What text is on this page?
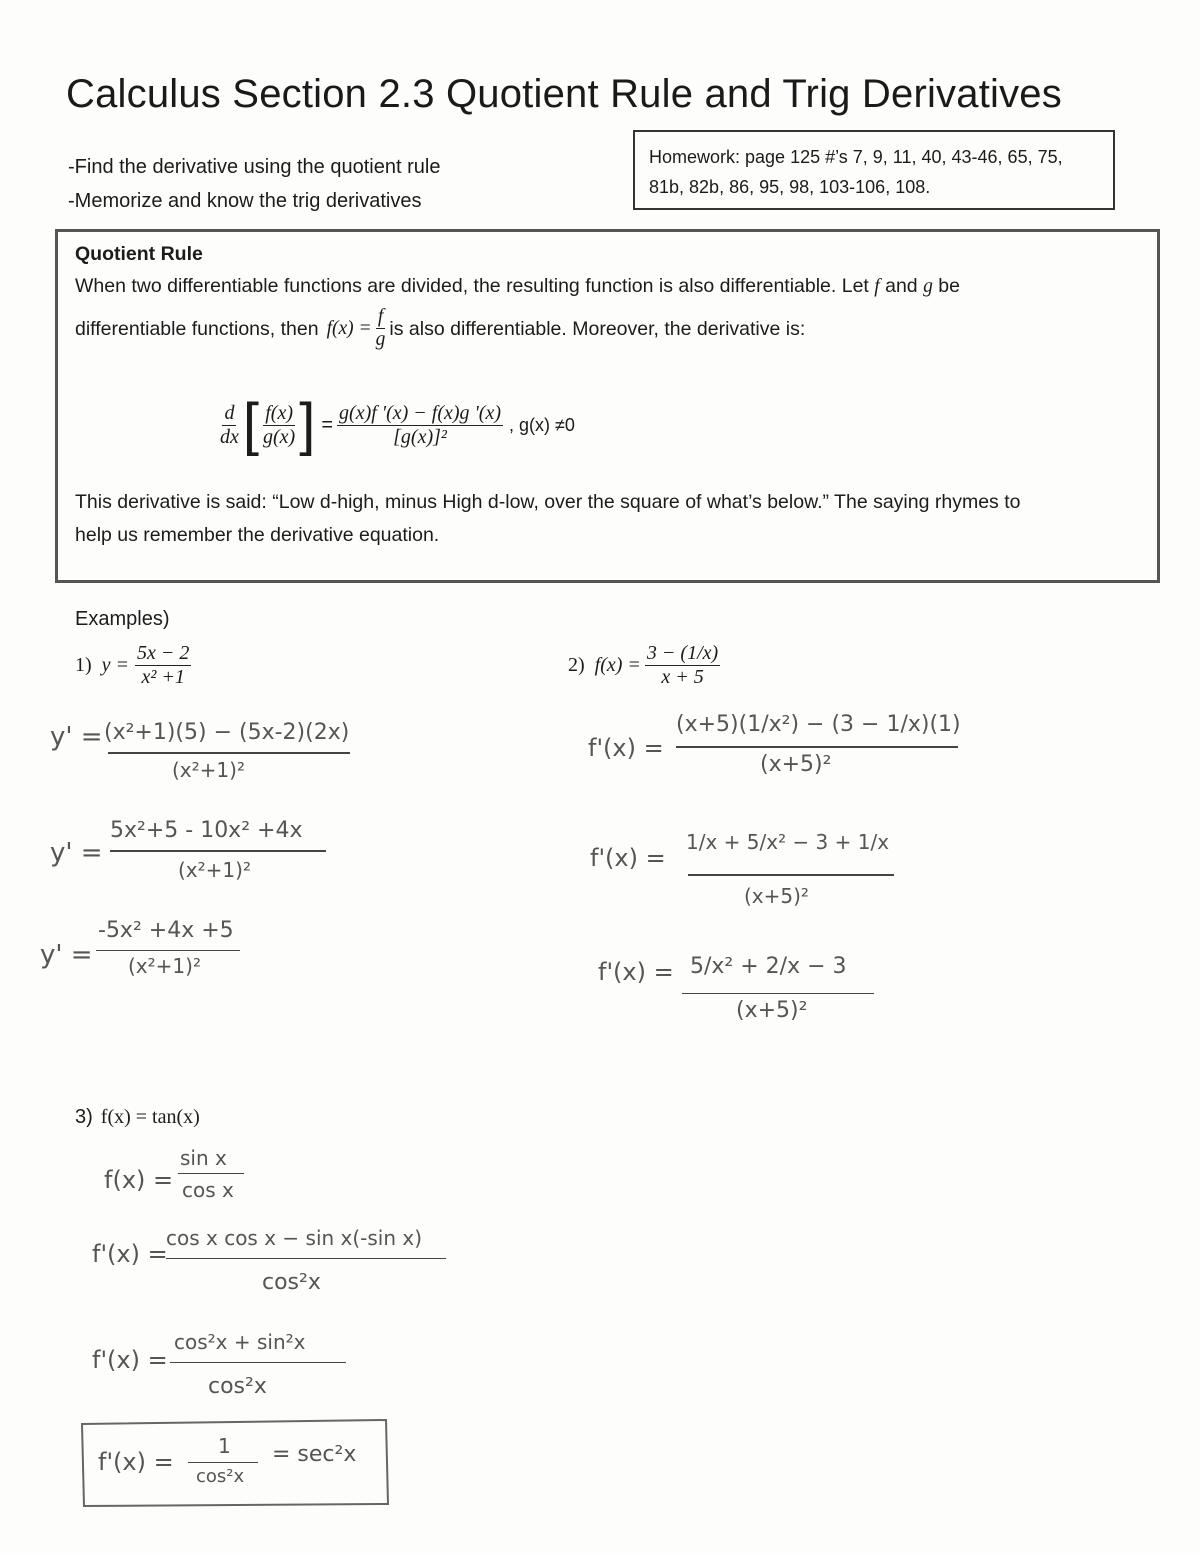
Calculus Section 2.3 Quotient Rule and Trig Derivatives
-Find the derivative using the quotient rule
-Memorize and know the trig derivatives
Homework: page 125 #’s 7, 9, 11, 40, 43-46, 65, 75,
81b, 82b, 86, 95, 98, 103-106, 108.
Quotient Rule
When two differentiable functions are divided, the resulting function is also differentiable. Let f and g be
differentiable functions, then $f(x) = \frac{f}{g}$ is also differentiable. Moreover, the derivative is:
$\frac{d}{dx}$ [ $\frac{f(x)}{g(x)}$ ] = $\frac{g(x)f '(x) - f(x)g '(x)}{\text{[g(x)]²}}$ , g(x) ≠0
This derivative is said: “Low d-high, minus High d-low, over the square of what’s below.” The saying rhymes to
help us remember the derivative equation.
Examples)
1) $y = \frac{5x - 2}{\text{x² +1}}$	2) $f(x) = \frac{3 - (1/x)}{x + 5}$
y' = (x²+1)(5) − (5x-2)(2x)
(x²+1)²
y' =
5x²+5 - 10x² +4x
(x²+1)²
y' =
-5x² +4x +5
(x²+1)²
f'(x) =
(x+5)(1/x²) − (3 − 1/x)(1)
(x+5)²
f'(x) =
1/x + 5/x² − 3 + 1/x
(x+5)²
f'(x) = 5/x² + 2/x − 3
(x+5)²
3) f(x) = tan(x)
f(x) =
sin x
cos x
f'(x) =
cos x cos x − sin x(-sin x)
cos²x
f'(x) =
cos²x + sin²x
cos²x
f'(x) =
1
cos²x
= sec²x
